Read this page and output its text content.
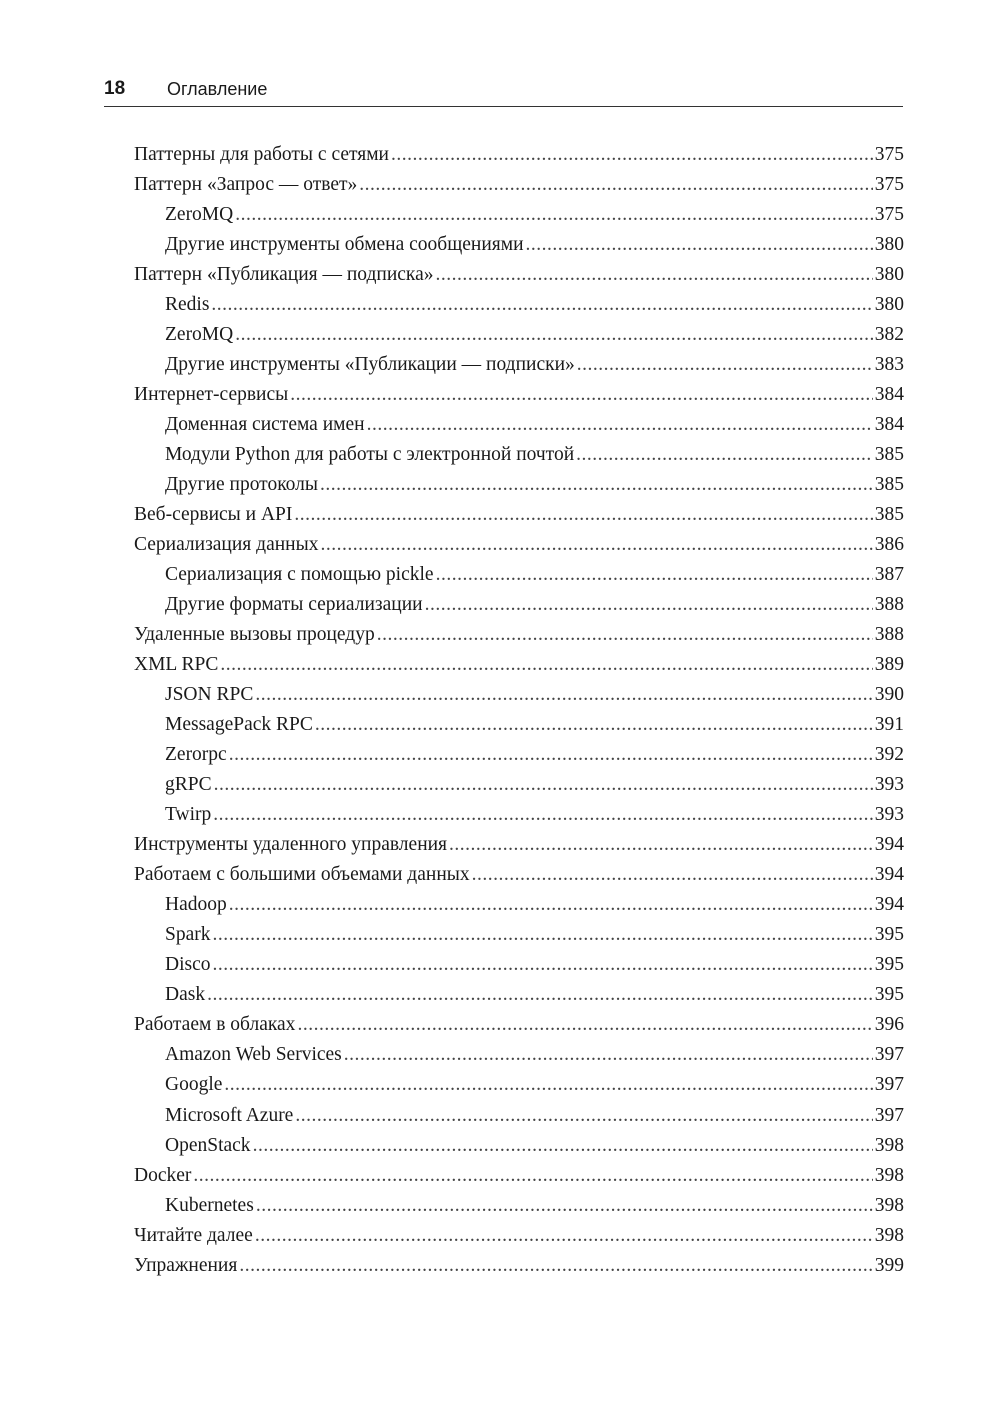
18 Оглавление
Паттерны для работы с сетями .....	375
Паттерн «Запрос — ответ» .....	375
ZeroMQ .....	375
Другие инструменты обмена сообщениями .....	380
Паттерн «Публикация — подписка» .....	380
Redis .....	380
ZeroMQ .....	382
Другие инструменты «Публикации — подписки» .....	383
Интернет-сервисы .....	384
Доменная система имен .....	384
Модули Python для работы с электронной почтой .....	385
Другие протоколы .....	385
Веб-сервисы и API .....	385
Сериализация данных .....	386
Сериализация с помощью pickle .....	387
Другие форматы сериализации .....	388
Удаленные вызовы процедур .....	388
XML RPC .....	389
JSON RPC .....	390
MessagePack RPC .....	391
Zerorpc .....	392
gRPC .....	393
Twirp .....	393
Инструменты удаленного управления .....	394
Работаем с большими объемами данных .....	394
Hadoop .....	394
Spark .....	395
Disco .....	395
Dask .....	395
Работаем в облаках .....	396
Amazon Web Services .....	397
Google .....	397
Microsoft Azure .....	397
OpenStack .....	398
Docker .....	398
Kubernetes .....	398
Читайте далее .....	398
Упражнения .....	399
